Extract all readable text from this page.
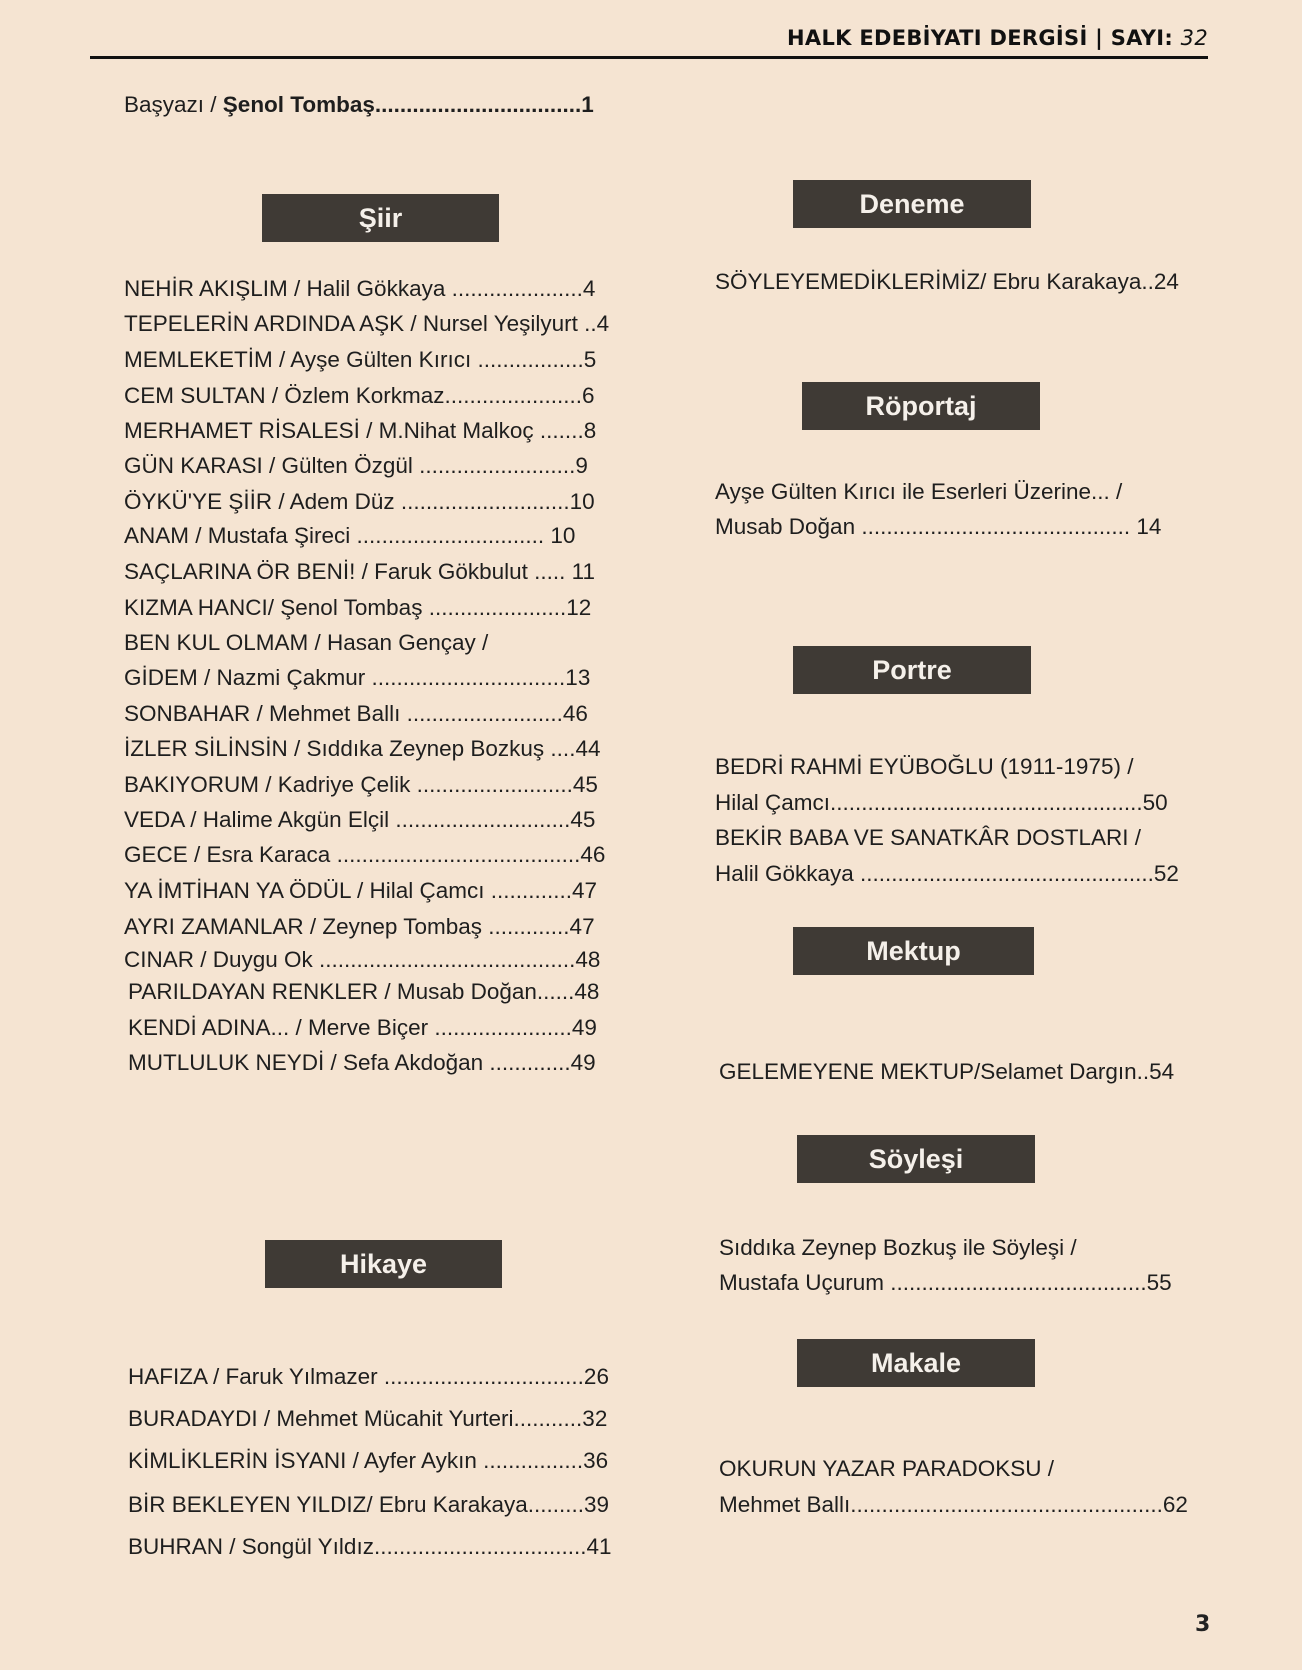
HALK EDEBİYATI DERGİSİ | SAYI: 32
Başyazı / Şenol Tombaş.................................1
Şiir
Hikaye
Deneme
Röportaj
Portre
Mektup
Söyleşi
Makale
NEHİR AKIŞLIM / Halil Gökkaya .....................4
TEPELERİN ARDINDA AŞK / Nursel Yeşilyurt ..4
MEMLEKETİM / Ayşe Gülten Kırıcı .................5
CEM SULTAN / Özlem Korkmaz......................6
MERHAMET RİSALESİ / M.Nihat Malkoç .......8
GÜN KARASI / Gülten Özgül .........................9
ÖYKÜ'YE ŞİİR / Adem Düz ...........................10
ANAM / Mustafa Şireci .............................. 10
SAÇLARINA ÖR BENİ! / Faruk Gökbulut ..... 11
KIZMA HANCI/ Şenol Tombaş ......................12
BEN KUL OLMAM / Hasan Gençay /
GİDEM / Nazmi Çakmur ...............................13
SONBAHAR / Mehmet Ballı .........................46
İZLER SİLİNSİN / Sıddıka Zeynep Bozkuş ....44
BAKIYORUM / Kadriye Çelik .........................45
VEDA / Halime Akgün Elçil ............................45
GECE / Esra Karaca .......................................46
YA İMTİHAN YA ÖDÜL / Hilal Çamcı .............47
AYRI ZAMANLAR / Zeynep Tombaş .............47
CINAR / Duygu Ok .........................................48
PARILDAYAN RENKLER / Musab Doğan......48
KENDİ ADINA... / Merve Biçer ......................49
MUTLULUK NEYDİ / Sefa Akdoğan .............49
HAFIZA / Faruk Yılmazer ................................26
BURADAYDI / Mehmet Mücahit Yurteri...........32
KİMLİKLERİN İSYANI / Ayfer Aykın ................36
BİR BEKLEYEN YILDIZ/ Ebru Karakaya.........39
BUHRAN / Songül Yıldız..................................41
SÖYLEYEMEDİKLERİMİZ/ Ebru Karakaya..24
Ayşe Gülten Kırıcı ile Eserleri Üzerine... /
Musab Doğan ........................................... 14
BEDRİ RAHMİ EYÜBOĞLU (1911-1975) /
Hilal Çamcı..................................................50
BEKİR BABA VE SANATKÂR DOSTLARI /
Halil Gökkaya ...............................................52
GELEMEYENE MEKTUP/Selamet Dargın..54
Sıddıka Zeynep Bozkuş ile Söyleşi /
Mustafa Uçurum .........................................55
OKURUN YAZAR PARADOKSU /
Mehmet Ballı..................................................62
3
